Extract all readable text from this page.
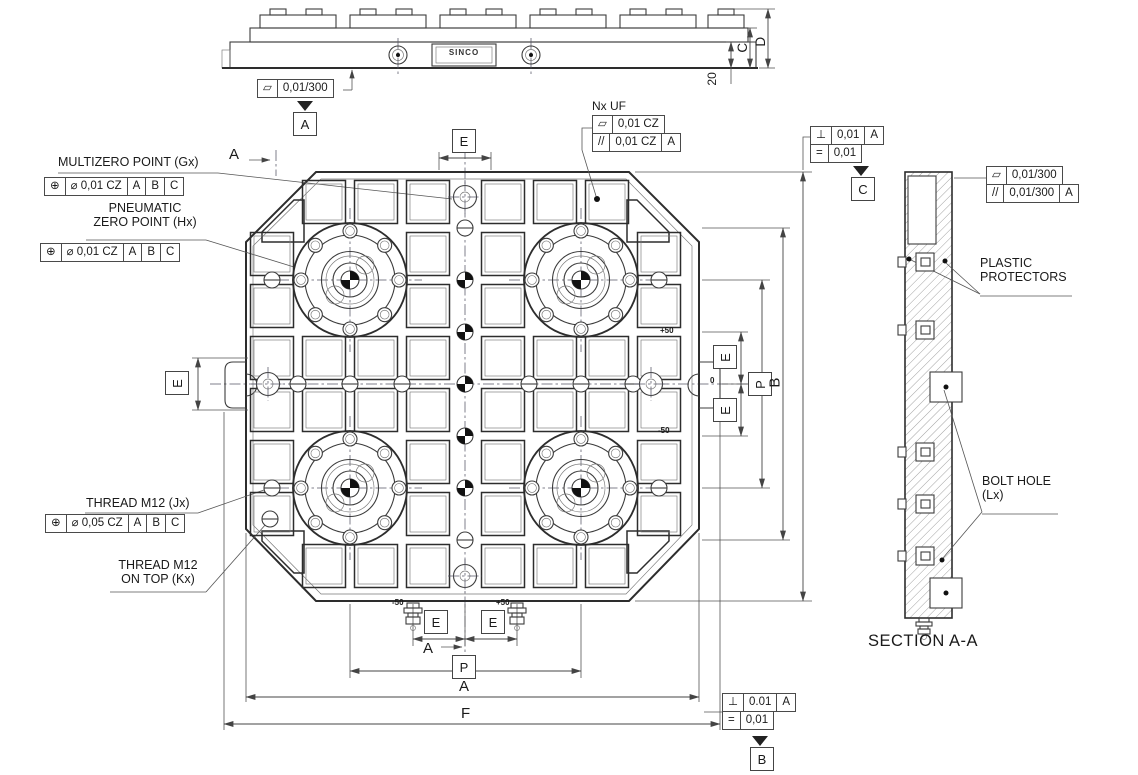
MULTIZERO POINT (Gx)
⊕ ⌀ 0,01 CZ A B C
PNEUMATIC
ZERO POINT (Hx)
⊕ ⌀ 0,01 CZ A B C
THREAD M12 (Jx)
⊕ ⌀ 0,05 CZ A B C
THREAD M12
ON TOP (Kx)
▱ 0,01/300
A
Nx UF
▱ 0,01 CZ
// 0,01 CZ A
⊥ 0,01 A
= 0,01
C
▱ 0,01/300
// 0,01/300 A
PLASTIC
PROTECTORS
BOLT HOLE
(Lx)
SECTION A-A
⊥ 0.01 A
= 0,01
B
E
E
E
E
P
B
E	E
P
A
F
C
D
20
A
A
+50
0
-50
-50	+50
SINCO
